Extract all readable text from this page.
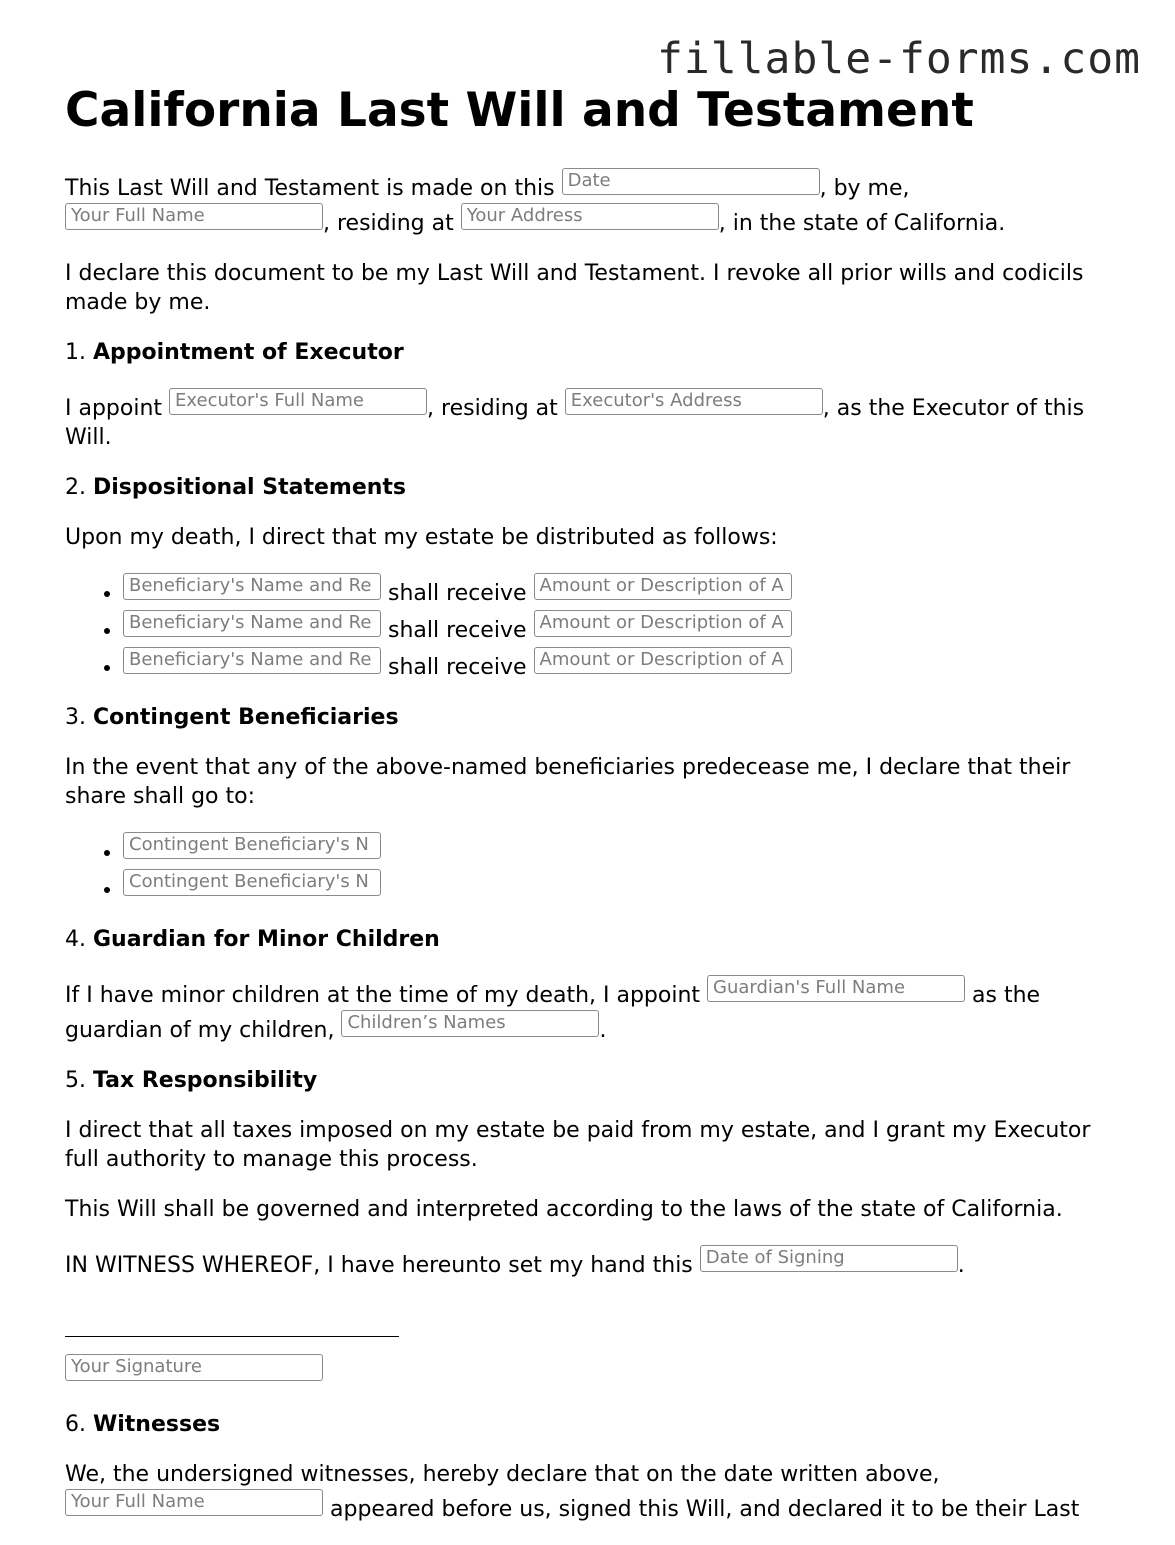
fillable-forms.com
California Last Will and Testament

This Last Will and Testament is made on this Date	, by me,
Your Full Name	, residing at Your Address	, in the state of California.

I declare this document to be my Last Will and Testament. I revoke all prior wills and codicils made by me.

1. Appointment of Executor

I appoint Executor's Full Name	, residing at Executor's Address	, as the Executor of this Will.

2. Dispositional Statements

Upon my death, I direct that my estate be distributed as follows:

• Beneficiary's Name and Re shall receive Amount or Description of A
• Beneficiary's Name and Re shall receive Amount or Description of A
• Beneficiary's Name and Re shall receive Amount or Description of A
3. Contingent Beneficiaries

In the event that any of the above-named beneficiaries predecease me, I declare that their share shall go to:

• Contingent Beneficiary's N
• Contingent Beneficiary's N
4. Guardian for Minor Children

If I have minor children at the time of my death, I appoint Guardian's Full Name	as the guardian of my children, Children’s Names	.

5. Tax Responsibility

I direct that all taxes imposed on my estate be paid from my estate, and I grant my Executor full authority to manage this process.

This Will shall be governed and interpreted according to the laws of the state of California.

IN WITNESS WHEREOF, I have hereunto set my hand this Date of Signing	.

Your Signature

6. Witnesses

We, the undersigned witnesses, hereby declare that on the date written above,
Your Full Name	appeared before us, signed this Will, and declared it to be their Last
